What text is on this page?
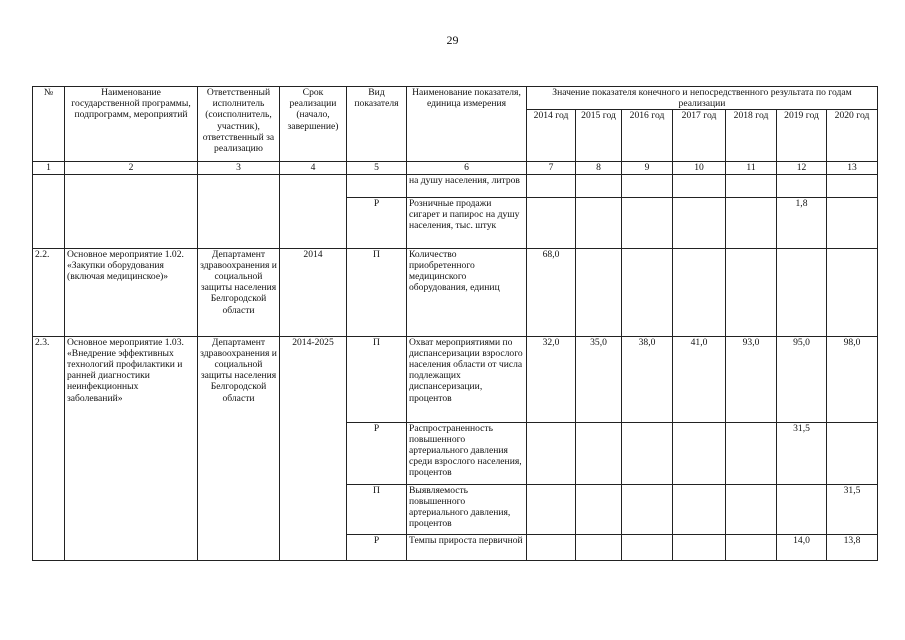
29
№	Наименование государственной программы, подпрограмм, мероприятий	Ответственный исполнитель (соисполнитель, участник), ответственный за реализацию	Срок реализации (начало, завершение)	Вид показателя	Наименование показателя, единица измерения	Значение показателя конечного и непосредственного результата по годам реализации						
						2014 год	2015 год	2016 год	2017 год	2018 год	2019 год	2020 год
1	2	3	4	5	6	7	8	9	10	11	12	13
					на душу населения, литров							
				Р	Розничные продажи сигарет и папирос на душу населения, тыс. штук						1,8	
2.2.	Основное мероприятие 1.02. «Закупки оборудования (включая медицинское)»	Департамент здравоохранения и социальной защиты населения Белгородской области	2014	П	Количество приобретенного медицинского оборудования, единиц	68,0						
2.3.	Основное мероприятие 1.03. «Внедрение эффективных технологий профилактики и ранней диагностики неинфекционных заболеваний»	Департамент здравоохранения и социальной защиты населения Белгородской области	2014-2025	П	Охват мероприятиями по диспансеризации взрослого населения области от числа подлежащих диспансеризации, процентов	32,0	35,0	38,0	41,0	93,0	95,0	98,0
				Р	Распространенность повышенного артериального давления среди взрослого населения, процентов						31,5	
				П	Выявляемость повышенного артериального давления, процентов							31,5
				Р	Темпы прироста первичной						14,0	13,8
